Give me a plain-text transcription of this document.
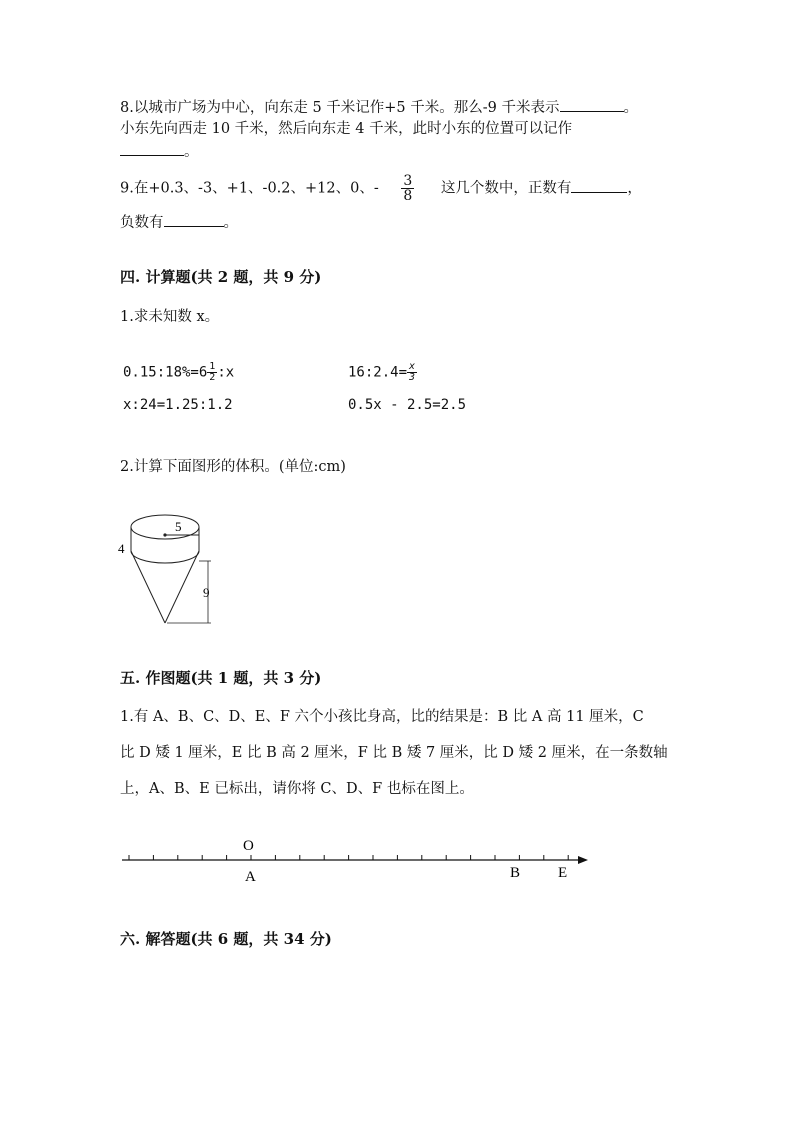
8.以城市广场为中心，向东走 5 千米记作+5 千米。那么-9 千米表示	。
小东先向西走 10 千米，然后向东走 4 千米，此时小东的位置可以记作
。
9.在+0.3、-3、+1、-0.2、+12、0、- $\frac{3}{8}$ 这几个数中，正数有	，
负数有	。
四. 计算题(共 2 题，共 9 分)
1.求未知数 x。
0.15:18%=6 $\frac{1}{2}$ :x	16:2.4= $\frac{x}{3}$
x:24=1.25:1.2	0.5x - 2.5=2.5
2.计算下面图形的体积。(单位:cm)
5
4
9
五. 作图题(共 1 题，共 3 分)
1.有 A、B、C、D、E、F 六个小孩比身高，比的结果是：B 比 A 高 11 厘米，C
比 D 矮 1 厘米，E 比 B 高 2 厘米，F 比 B 矮 7 厘米，比 D 矮 2 厘米，在一条数轴
上，A、B、E 已标出，请你将 C、D、F 也标在图上。
O
A	B	E
六. 解答题(共 6 题，共 34 分)
